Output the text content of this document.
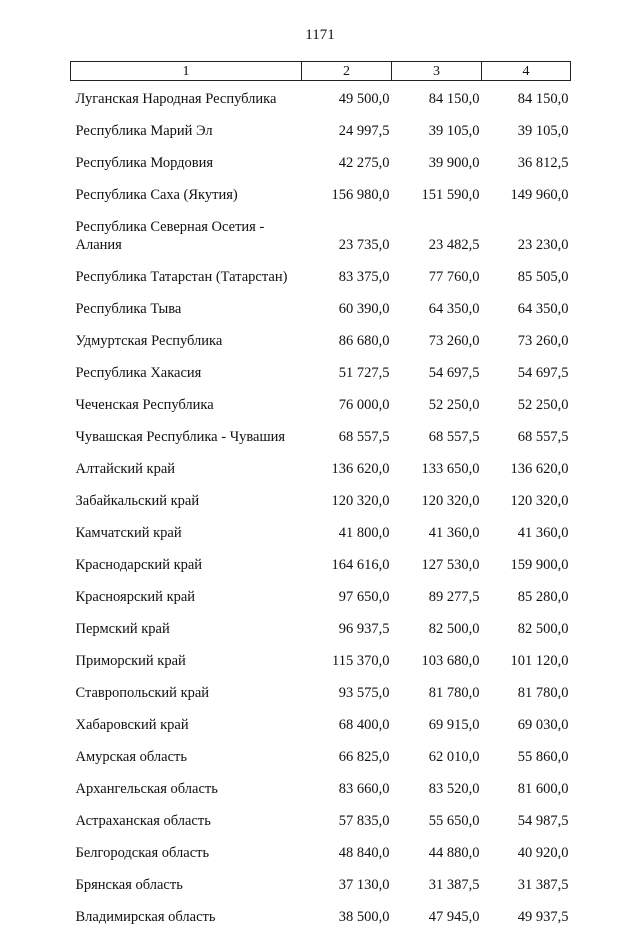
1171
1	2	3	4
Луганская Народная Республика	49 500,0	84 150,0	84 150,0
Республика Марий Эл	24 997,5	39 105,0	39 105,0
Республика Мордовия	42 275,0	39 900,0	36 812,5
Республика Саха (Якутия)	156 980,0	151 590,0	149 960,0
Республика Северная Осетия - Алания	23 735,0	23 482,5	23 230,0
Республика Татарстан (Татарстан)	83 375,0	77 760,0	85 505,0
Республика Тыва	60 390,0	64 350,0	64 350,0
Удмуртская Республика	86 680,0	73 260,0	73 260,0
Республика Хакасия	51 727,5	54 697,5	54 697,5
Чеченская Республика	76 000,0	52 250,0	52 250,0
Чувашская Республика - Чувашия	68 557,5	68 557,5	68 557,5
Алтайский край	136 620,0	133 650,0	136 620,0
Забайкальский край	120 320,0	120 320,0	120 320,0
Камчатский край	41 800,0	41 360,0	41 360,0
Краснодарский край	164 616,0	127 530,0	159 900,0
Красноярский край	97 650,0	89 277,5	85 280,0
Пермский край	96 937,5	82 500,0	82 500,0
Приморский край	115 370,0	103 680,0	101 120,0
Ставропольский край	93 575,0	81 780,0	81 780,0
Хабаровский край	68 400,0	69 915,0	69 030,0
Амурская область	66 825,0	62 010,0	55 860,0
Архангельская область	83 660,0	83 520,0	81 600,0
Астраханская область	57 835,0	55 650,0	54 987,5
Белгородская область	48 840,0	44 880,0	40 920,0
Брянская область	37 130,0	31 387,5	31 387,5
Владимирская область	38 500,0	47 945,0	49 937,5
